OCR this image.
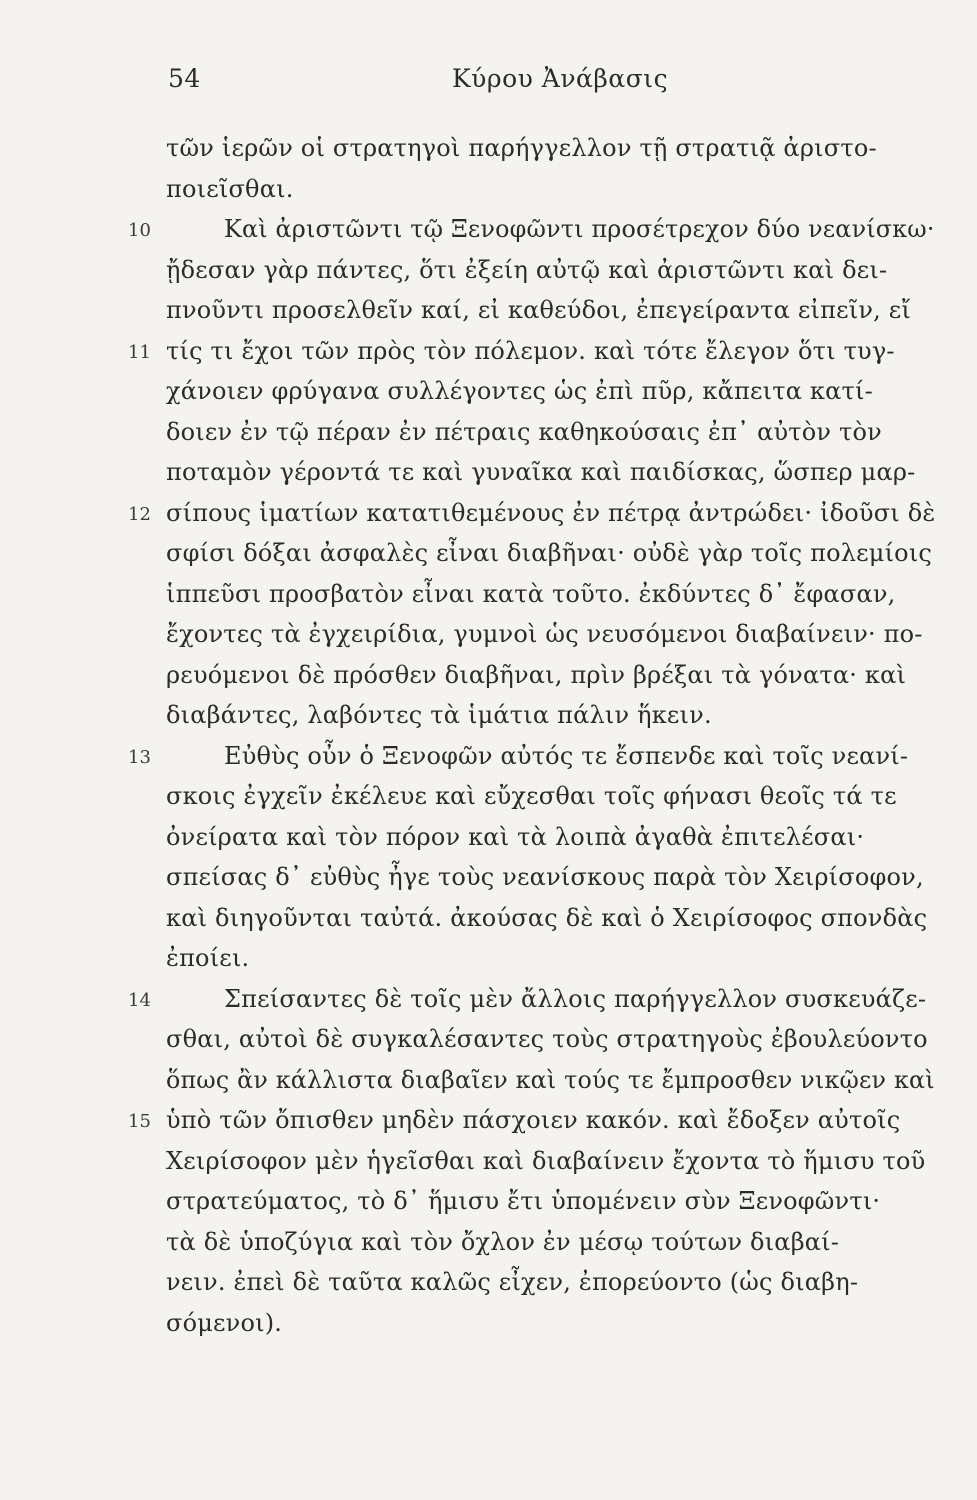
54	Κύρου Ἀνάβασις
τῶν ἱερῶν οἱ στρατηγοὶ παρήγγελλον τῇ στρατιᾷ ἀριστο-
ποιεῖσθαι.
10	Καὶ ἀριστῶντι τῷ Ξενοφῶντι προσέτρεχον δύο νεανίσκω·
ᾔδεσαν γὰρ πάντες, ὅτι ἐξείη αὐτῷ καὶ ἀριστῶντι καὶ δει-
πνοῦντι προσελθεῖν καί, εἰ καθεύδοι, ἐπεγείραντα εἰπεῖν, εἴ
11 τίς τι ἔχοι τῶν πρὸς τὸν πόλεμον. καὶ τότε ἔλεγον ὅτι τυγ-
χάνοιεν φρύγανα συλλέγοντες ὡς ἐπὶ πῦρ, κἄπειτα κατί-
δοιεν ἐν τῷ πέραν ἐν πέτραις καθηκούσαις ἐπ᾽ αὐτὸν τὸν
ποταμὸν γέροντά τε καὶ γυναῖκα καὶ παιδίσκας, ὥσπερ μαρ-
12 σίπους ἱματίων κατατιθεμένους ἐν πέτρᾳ ἀντρώδει· ἰδοῦσι δὲ
σφίσι δόξαι ἀσφαλὲς εἶναι διαβῆναι· οὐδὲ γὰρ τοῖς πολεμίοις
ἱππεῦσι προσβατὸν εἶναι κατὰ τοῦτο. ἐκδύντες δ᾽ ἔφασαν,
ἔχοντες τὰ ἐγχειρίδια, γυμνοὶ ὡς νευσόμενοι διαβαίνειν· πο-
ρευόμενοι δὲ πρόσθεν διαβῆναι, πρὶν βρέξαι τὰ γόνατα· καὶ
διαβάντες, λαβόντες τὰ ἱμάτια πάλιν ἥκειν.
13	Εὐθὺς οὖν ὁ Ξενοφῶν αὐτός τε ἔσπενδε καὶ τοῖς νεανί-
σκοις ἐγχεῖν ἐκέλευε καὶ εὔχεσθαι τοῖς φήνασι θεοῖς τά τε
ὀνείρατα καὶ τὸν πόρον καὶ τὰ λοιπὰ ἀγαθὰ ἐπιτελέσαι·
σπείσας δ᾽ εὐθὺς ἦγε τοὺς νεανίσκους παρὰ τὸν Χειρίσοφον,
καὶ διηγοῦνται ταὐτά. ἀκούσας δὲ καὶ ὁ Χειρίσοφος σπονδὰς
ἐποίει.
14	Σπείσαντες δὲ τοῖς μὲν ἄλλοις παρήγγελλον συσκευάζε-
σθαι, αὐτοὶ δὲ συγκαλέσαντες τοὺς στρατηγοὺς ἐβουλεύοντο
ὅπως ἂν κάλλιστα διαβαῖεν καὶ τούς τε ἔμπροσθεν νικῷεν καὶ
15 ὑπὸ τῶν ὄπισθεν μηδὲν πάσχοιεν κακόν. καὶ ἔδοξεν αὐτοῖς
Χειρίσοφον μὲν ἡγεῖσθαι καὶ διαβαίνειν ἔχοντα τὸ ἥμισυ τοῦ
στρατεύματος, τὸ δ᾽ ἥμισυ ἔτι ὑπομένειν σὺν Ξενοφῶντι·
τὰ δὲ ὑποζύγια καὶ τὸν ὄχλον ἐν μέσῳ τούτων διαβαί-
νειν. ἐπεὶ δὲ ταῦτα καλῶς εἶχεν, ἐπορεύοντο (ὡς διαβη-
σόμενοι).
